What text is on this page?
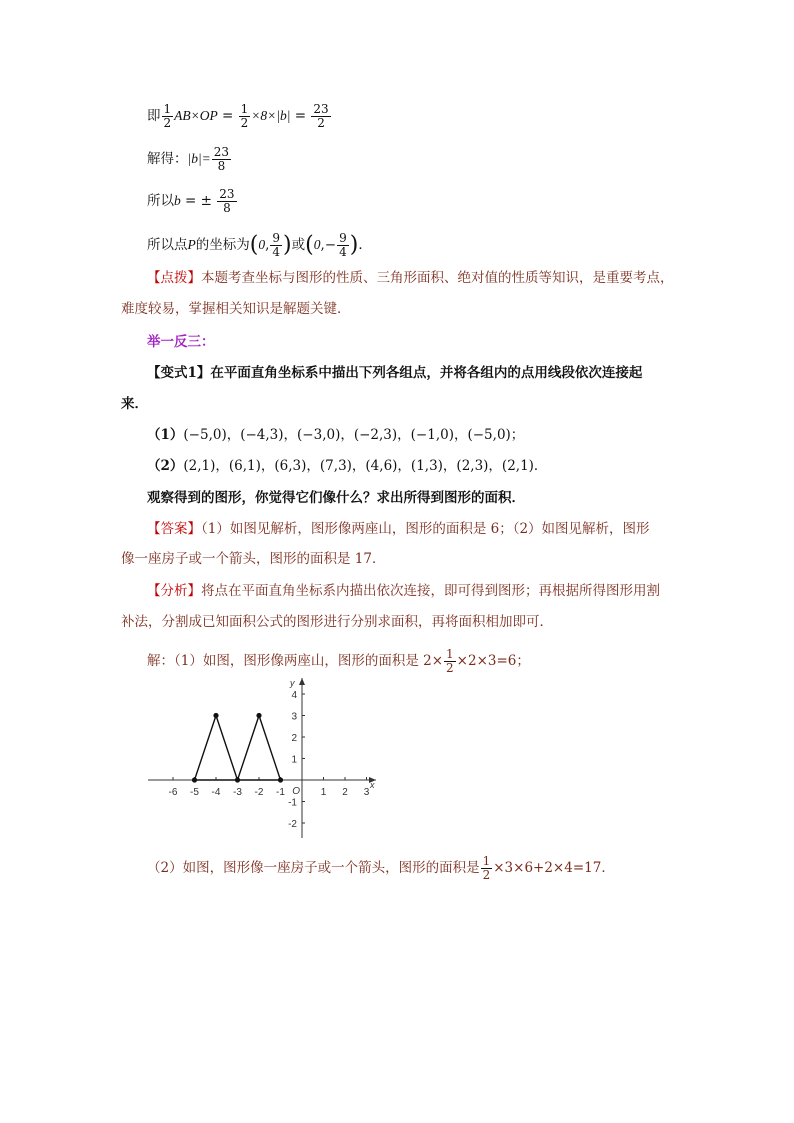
即 $\frac{1}{2} AB\times OP = \frac{1}{2} \times 8\times|b| = \frac{23}{2}$
解得：$|b|= \frac{23}{8}$
所以b = ± $\frac{23}{8}$
所以点P的坐标为(0, $\frac{9}{4}$ )或($0,- \frac{9}{4}$ )．
【点拨】本题考查坐标与图形的性质、三角形面积、绝对值的性质等知识，是重要考点，
难度较易，掌握相关知识是解题关键．
举一反三：
【变式1】在平面直角坐标系中描出下列各组点，并将各组内的点用线段依次连接起
来．
（1）(−5,0)，(−4,3)，(−3,0)，(−2,3)，(−1,0)，(−5,0)；
（2）(2,1)，(6,1)，(6,3)，(7,3)，(4,6)，(1,3)，(2,3)，(2,1)．
观察得到的图形，你觉得它们像什么？求出所得到图形的面积．
【答案】（1）如图见解析，图形像两座山，图形的面积是 6；（2）如图见解析，图形
像一座房子或一个箭头，图形的面积是 17．
【分析】将点在平面直角坐标系内描出依次连接，即可得到图形；再根据所得图形用割
补法，分割成已知面积公式的图形进行分别求面积，再将面积相加即可．
解：（1）如图，图形像两座山，图形的面积是 $2\times \frac{1}{2} \times 2\times 3=6$；
x
y
O
-6 -5 -4 -3 -2 -1	1 2 3
4
3
2
1
-1
-2
（2）如图，图形像一座房子或一个箭头，图形的面积是 $\frac{1}{2} \times 3\times 6+2\times 4=17$．
